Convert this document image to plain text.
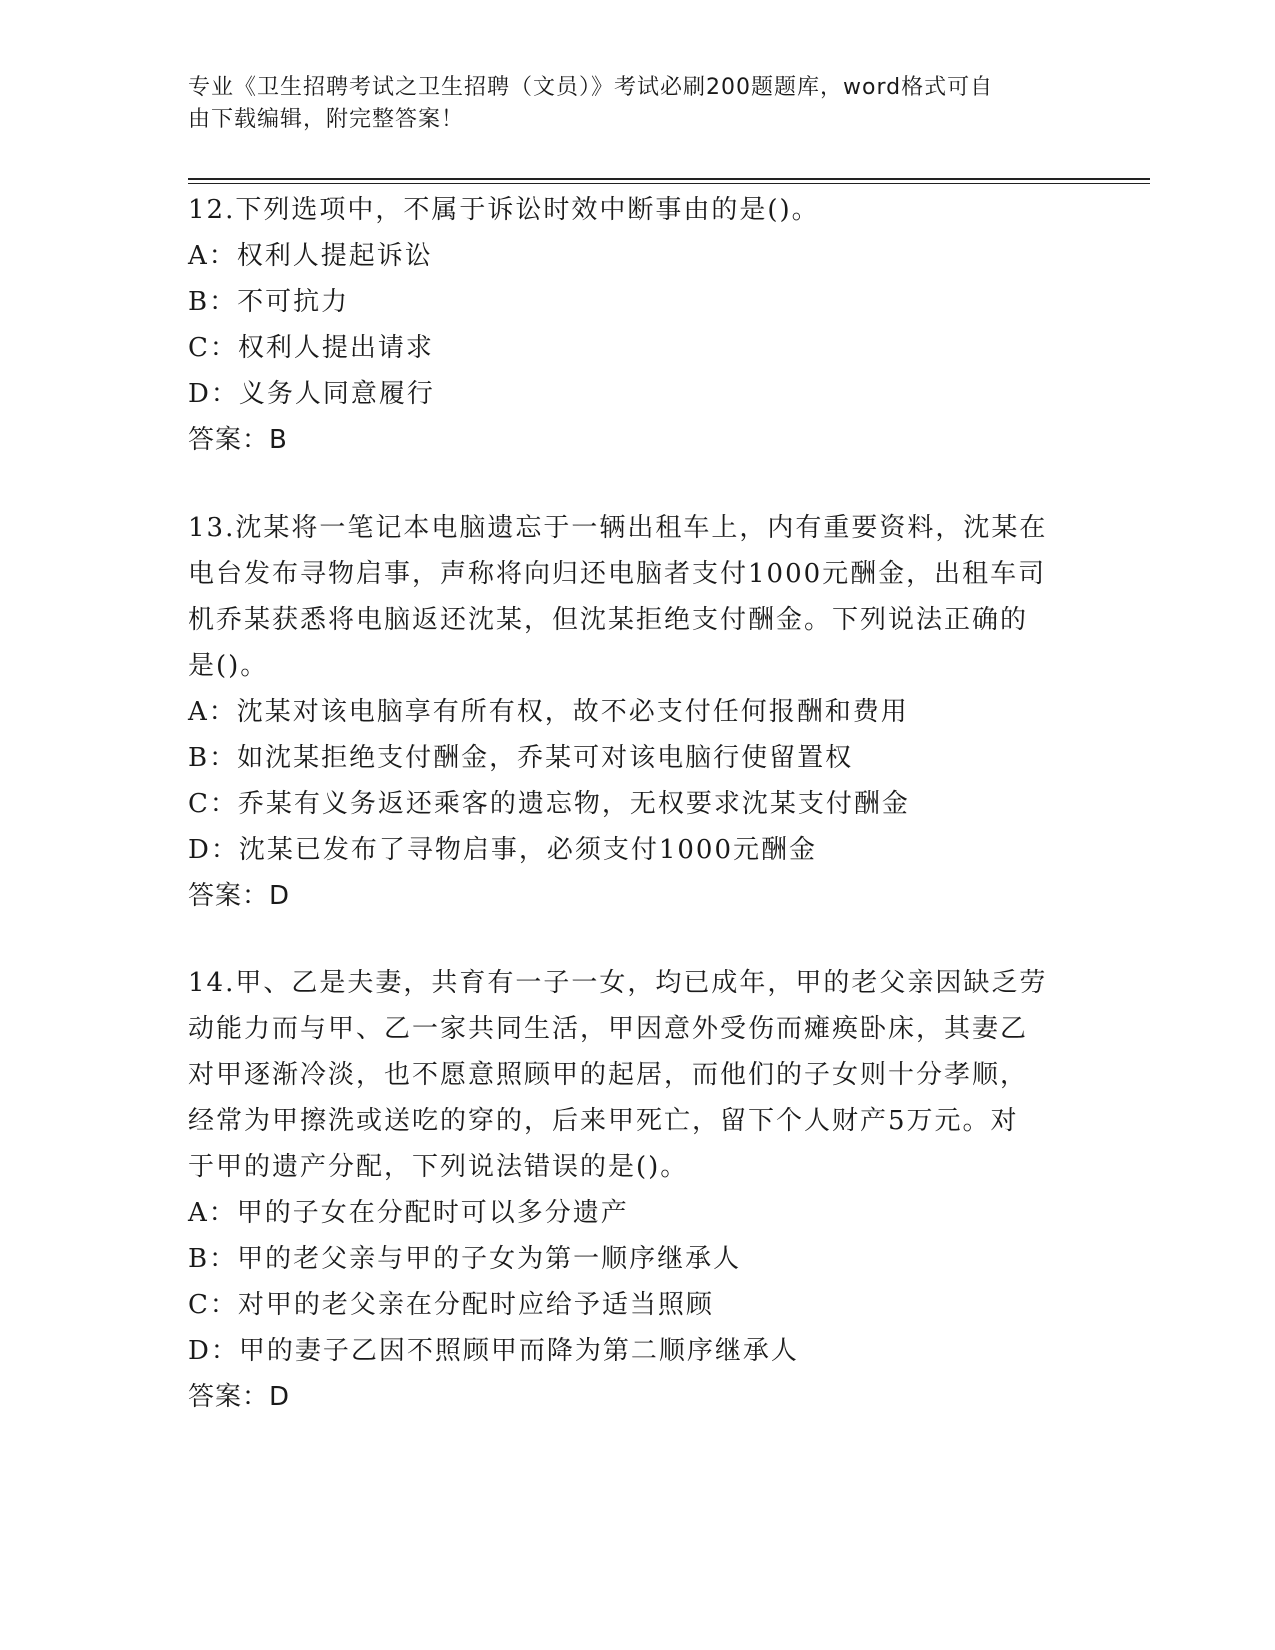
专业《卫生招聘考试之卫生招聘（文员）》考试必刷200题题库，word格式可自

由下载编辑，附完整答案！

12.下列选项中，不属于诉讼时效中断事由的是()。

A：权利人提起诉讼

B：不可抗力

C：权利人提出请求

D：义务人同意履行

答案：B

13.沈某将一笔记本电脑遗忘于一辆出租车上，内有重要资料，沈某在

电台发布寻物启事，声称将向归还电脑者支付1000元酬金，出租车司

机乔某获悉将电脑返还沈某，但沈某拒绝支付酬金。下列说法正确的

是()。

A：沈某对该电脑享有所有权，故不必支付任何报酬和费用

B：如沈某拒绝支付酬金，乔某可对该电脑行使留置权

C：乔某有义务返还乘客的遗忘物，无权要求沈某支付酬金

D：沈某已发布了寻物启事，必须支付1000元酬金

答案：D

14.甲、乙是夫妻，共育有一子一女，均已成年，甲的老父亲因缺乏劳

动能力而与甲、乙一家共同生活，甲因意外受伤而瘫痪卧床，其妻乙

对甲逐渐冷淡，也不愿意照顾甲的起居，而他们的子女则十分孝顺，

经常为甲擦洗或送吃的穿的，后来甲死亡，留下个人财产5万元。对

于甲的遗产分配，下列说法错误的是()。

A：甲的子女在分配时可以多分遗产

B：甲的老父亲与甲的子女为第一顺序继承人

C：对甲的老父亲在分配时应给予适当照顾

D：甲的妻子乙因不照顾甲而降为第二顺序继承人

答案：D
